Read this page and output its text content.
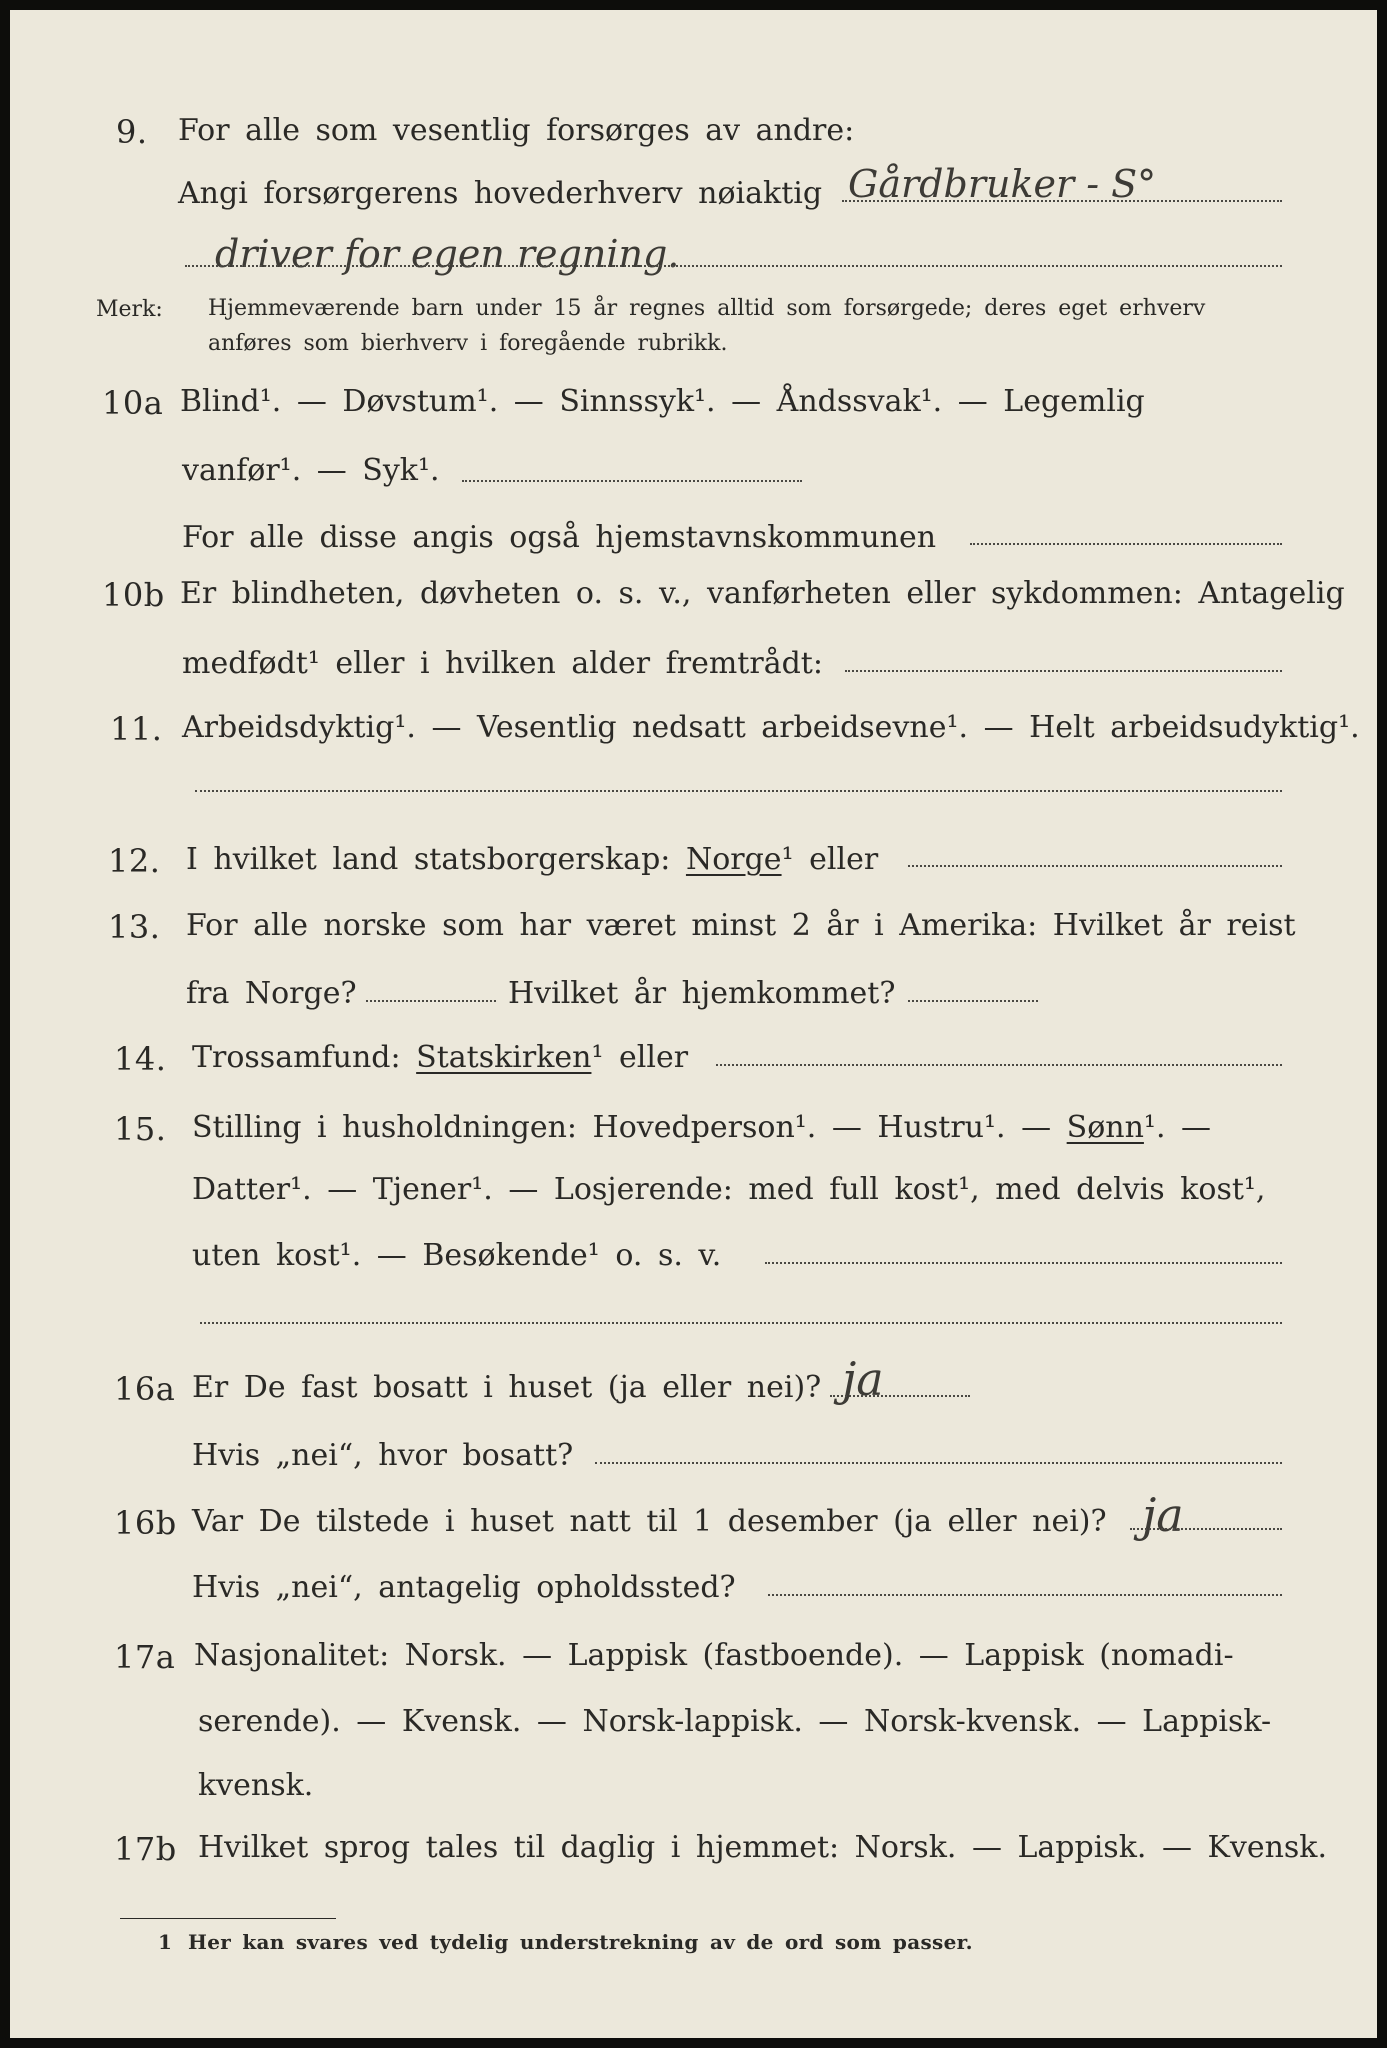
9. For alle som vesentlig forsørges av andre:
Angi forsørgerens hovederhverv nøiaktig Gårdbruker - S°
driver for egen regning.
Merk: Hjemmeværende barn under 15 år regnes alltid som forsørgede; deres eget erhverv
anføres som bierhverv i foregående rubrikk.
10a Blind¹. — Døvstum¹. — Sinnssyk¹. — Åndssvak¹. — Legemlig
vanfør¹. — Syk¹.
For alle disse angis også hjemstavnskommunen
10b Er blindheten, døvheten o. s. v., vanførheten eller sykdommen: Antagelig
medfødt¹ eller i hvilken alder fremtrådt:
11. Arbeidsdyktig¹. — Vesentlig nedsatt arbeidsevne¹. — Helt arbeidsudyktig¹.
12. I hvilket land statsborgerskap: Norge¹ eller
13. For alle norske som har været minst 2 år i Amerika: Hvilket år reist
fra Norge?	Hvilket år hjemkommet?
14. Trossamfund: Statskirken¹ eller
15. Stilling i husholdningen: Hovedperson¹. — Hustru¹. — Sønn¹. —
Datter¹. — Tjener¹. — Losjerende: med full kost¹, med delvis kost¹,
uten kost¹. — Besøkende¹ o. s. v.
16a Er De fast bosatt i huset (ja eller nei)? ja
Hvis „nei“, hvor bosatt?
16b Var De tilstede i huset natt til 1 desember (ja eller nei)? ja
Hvis „nei“, antagelig opholdssted?
17a Nasjonalitet: Norsk. — Lappisk (fastboende). — Lappisk (nomadi-
serende). — Kvensk. — Norsk-lappisk. — Norsk-kvensk. — Lappisk-
kvensk.
17b Hvilket sprog tales til daglig i hjemmet: Norsk. — Lappisk. — Kvensk.
1 Her kan svares ved tydelig understrekning av de ord som passer.
